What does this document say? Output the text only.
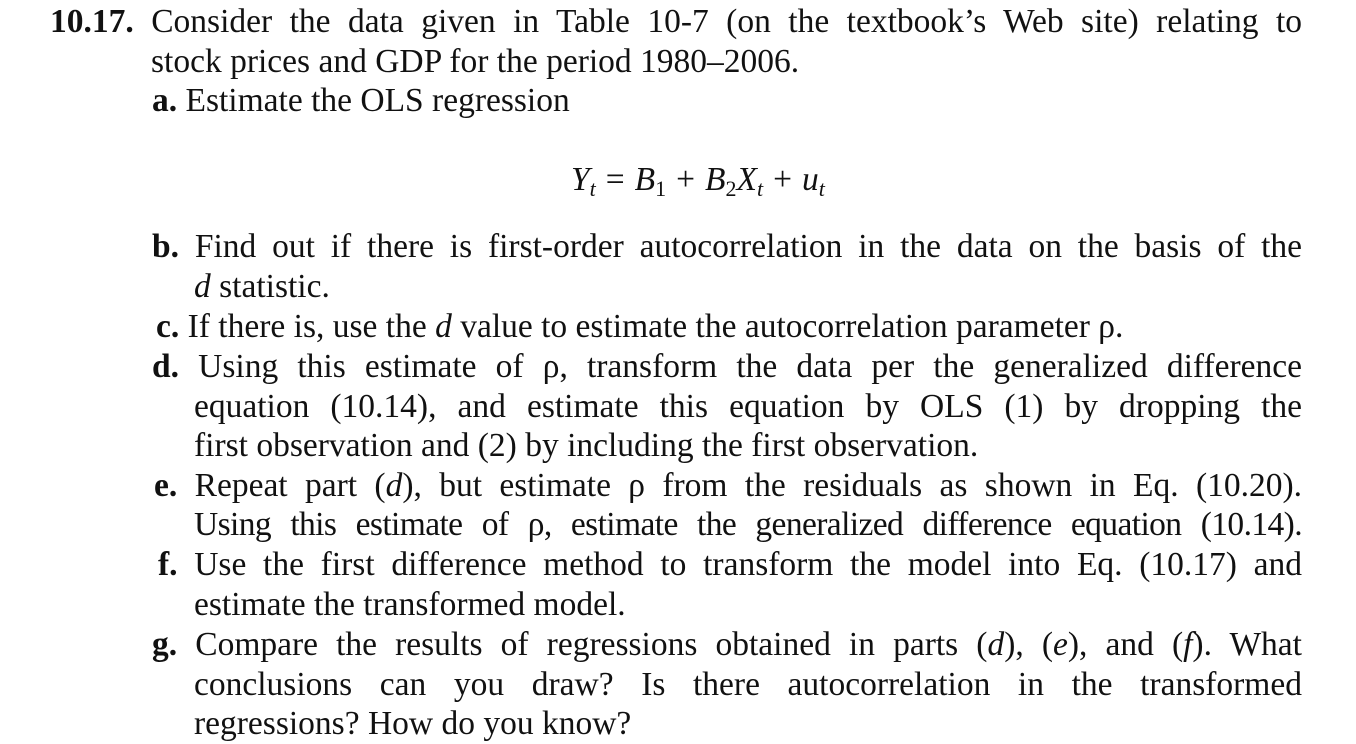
10.17. Consider the data given in Table 10-7 (on the textbook’s Web site) relating to
stock prices and GDP for the period 1980–2006.
a. Estimate the OLS regression
b. Find out if there is first-order autocorrelation in the data on the basis of the
d statistic.
c. If there is, use the d value to estimate the autocorrelation parameter ρ.
d. Using this estimate of ρ, transform the data per the generalized difference
equation (10.14), and estimate this equation by OLS (1) by dropping the
first observation and (2) by including the first observation.
e. Repeat part (d), but estimate ρ from the residuals as shown in Eq. (10.20).
Using this estimate of ρ, estimate the generalized difference equation (10.14).
f. Use the first difference method to transform the model into Eq. (10.17) and
estimate the transformed model.
g. Compare the results of regressions obtained in parts (d), (e), and (f). What
conclusions can you draw? Is there autocorrelation in the transformed
regressions? How do you know?
$Y_t = B_1 + B_2X_t + u_t$
